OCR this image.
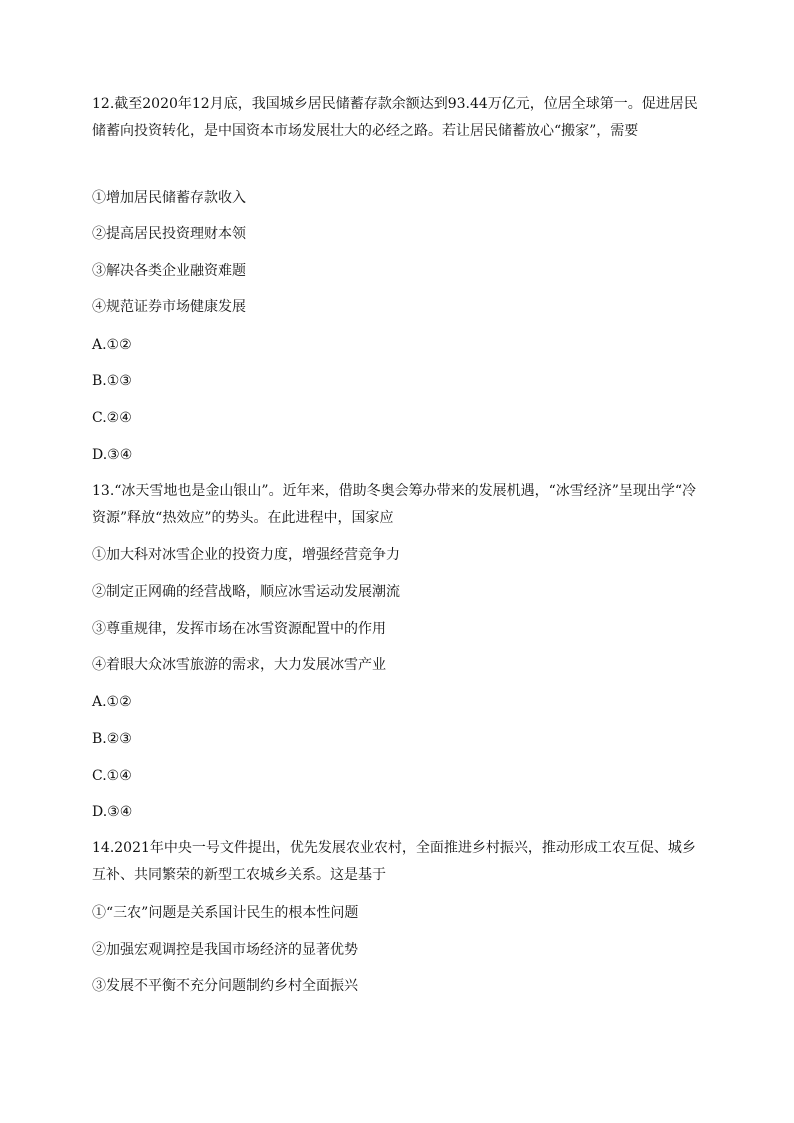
12.截至2020年12月底，我国城乡居民储蓄存款余额达到93.44万亿元，位居全球第一。促进居民储蓄向投资转化，是中国资本市场发展壮大的必经之路。若让居民储蓄放心“搬家”，需要
①增加居民储蓄存款收入
②提高居民投资理财本领
③解决各类企业融资难题
④规范证券市场健康发展
A.①②
B.①③
C.②④
D.③④
13.“冰天雪地也是金山银山”。近年来，借助冬奥会筹办带来的发展机遇，“冰雪经济”呈现出学“冷资源”释放“热效应”的势头。在此进程中，国家应
①加大科对冰雪企业的投资力度，增强经营竞争力
②制定正网确的经营战略，顺应冰雪运动发展潮流
③尊重规律，发挥市场在冰雪资源配置中的作用
④着眼大众冰雪旅游的需求，大力发展冰雪产业
A.①②
B.②③
C.①④
D.③④
14.2021年中央一号文件提出，优先发展农业农村，全面推进乡村振兴，推动形成工农互促、城乡互补、共同繁荣的新型工农城乡关系。这是基于
①“三农”问题是关系国计民生的根本性问题
②加强宏观调控是我国市场经济的显著优势
③发展不平衡不充分问题制约乡村全面振兴
